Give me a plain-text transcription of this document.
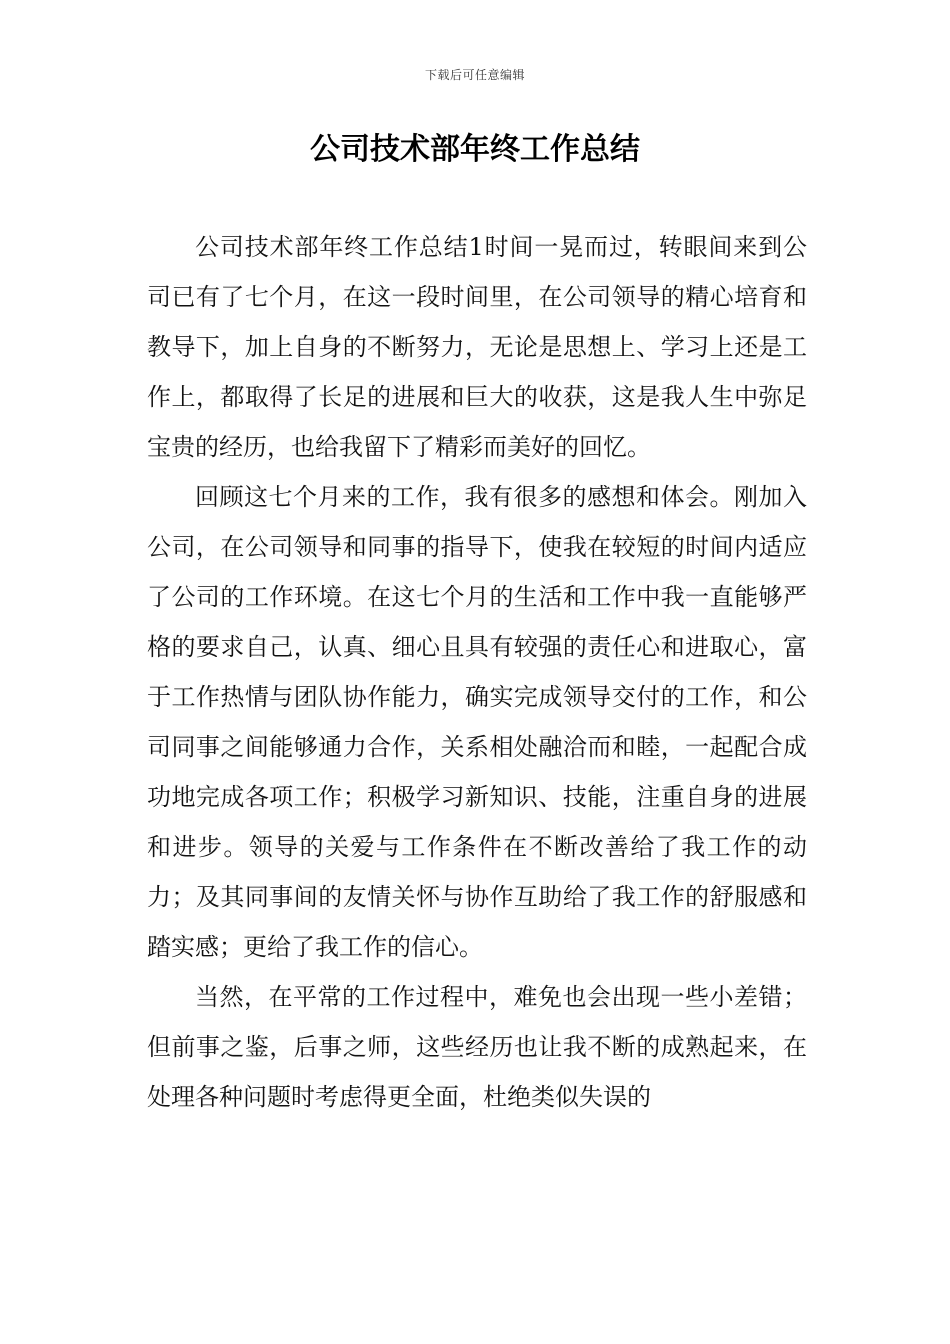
下载后可任意编辑
公司技术部年终工作总结

公司技术部年终工作总结1时间一晃而过，转眼间来到公司已有了七个月，在这一段时间里，在公司领导的精心培育和教导下，加上自身的不断努力，无论是思想上、学习上还是工作上，都取得了长足的进展和巨大的收获，这是我人生中弥足宝贵的经历，也给我留下了精彩而美好的回忆。

回顾这七个月来的工作，我有很多的感想和体会。刚加入公司，在公司领导和同事的指导下，使我在较短的时间内适应了公司的工作环境。在这七个月的生活和工作中我一直能够严格的要求自己，认真、细心且具有较强的责任心和进取心，富于工作热情与团队协作能力，确实完成领导交付的工作，和公司同事之间能够通力合作，关系相处融洽而和睦，一起配合成功地完成各项工作；积极学习新知识、技能，注重自身的进展和进步。领导的关爱与工作条件在不断改善给了我工作的动力；及其同事间的友情关怀与协作互助给了我工作的舒服感和踏实感；更给了我工作的信心。

当然，在平常的工作过程中，难免也会出现一些小差错；但前事之鉴，后事之师，这些经历也让我不断的成熟起来，在处理各种问题时考虑得更全面，杜绝类似失误的
